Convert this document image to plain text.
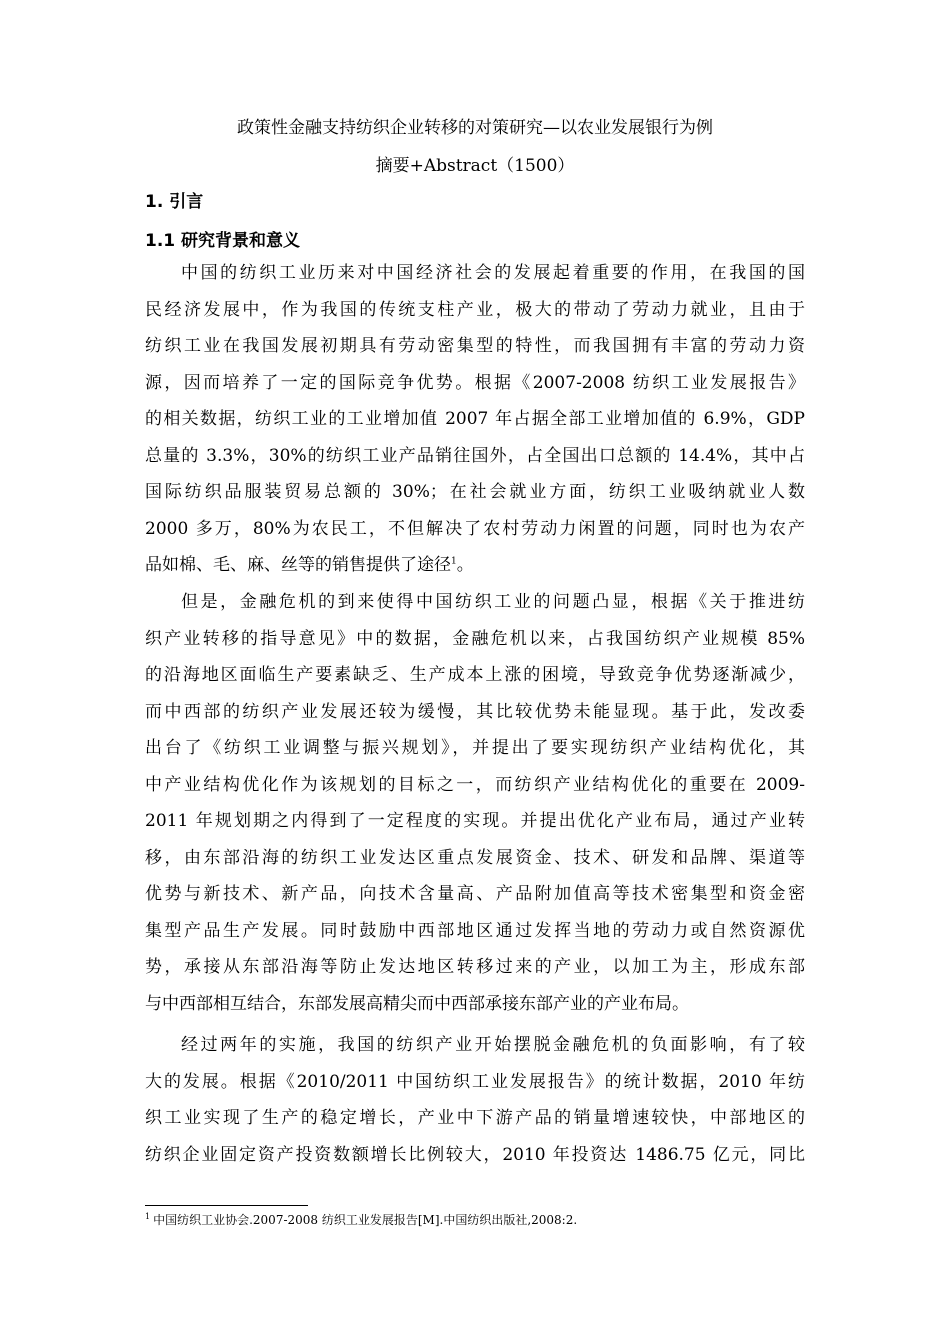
政策性金融支持纺织企业转移的对策研究—以农业发展银行为例
摘要+Abstract（1500）
1. 引言
1.1 研究背景和意义
中国的纺织工业历来对中国经济社会的发展起着重要的作用，在我国的国
民经济发展中，作为我国的传统支柱产业，极大的带动了劳动力就业，且由于
纺织工业在我国发展初期具有劳动密集型的特性，而我国拥有丰富的劳动力资
源，因而培养了一定的国际竞争优势。根据《2007-2008 纺织工业发展报告》
的相关数据，纺织工业的工业增加值 2007 年占据全部工业增加值的 6.9%，GDP
总量的 3.3%，30%的纺织工业产品销往国外，占全国出口总额的 14.4%，其中占
国际纺织品服装贸易总额的 30%；在社会就业方面，纺织工业吸纳就业人数
2000 多万，80%为农民工，不但解决了农村劳动力闲置的问题，同时也为农产
品如棉、毛、麻、丝等的销售提供了途径$^1$。
但是，金融危机的到来使得中国纺织工业的问题凸显，根据《关于推进纺
织产业转移的指导意见》中的数据，金融危机以来，占我国纺织产业规模 85%
的沿海地区面临生产要素缺乏、生产成本上涨的困境，导致竞争优势逐渐减少，
而中西部的纺织产业发展还较为缓慢，其比较优势未能显现。基于此，发改委
出台了《纺织工业调整与振兴规划》，并提出了要实现纺织产业结构优化，其
中产业结构优化作为该规划的目标之一，而纺织产业结构优化的重要在 2009-
2011 年规划期之内得到了一定程度的实现。并提出优化产业布局，通过产业转
移，由东部沿海的纺织工业发达区重点发展资金、技术、研发和品牌、渠道等
优势与新技术、新产品，向技术含量高、产品附加值高等技术密集型和资金密
集型产品生产发展。同时鼓励中西部地区通过发挥当地的劳动力或自然资源优
势，承接从东部沿海等防止发达地区转移过来的产业，以加工为主，形成东部
与中西部相互结合，东部发展高精尖而中西部承接东部产业的产业布局。
经过两年的实施，我国的纺织产业开始摆脱金融危机的负面影响，有了较
大的发展。根据《2010/2011 中国纺织工业发展报告》的统计数据，2010 年纺
织工业实现了生产的稳定增长，产业中下游产品的销量增速较快，中部地区的
纺织企业固定资产投资数额增长比例较大，2010 年投资达 1486.75 亿元，同比
$^1$ 中国纺织工业协会.2007-2008 纺织工业发展报告[M].中国纺织出版社,2008:2.
